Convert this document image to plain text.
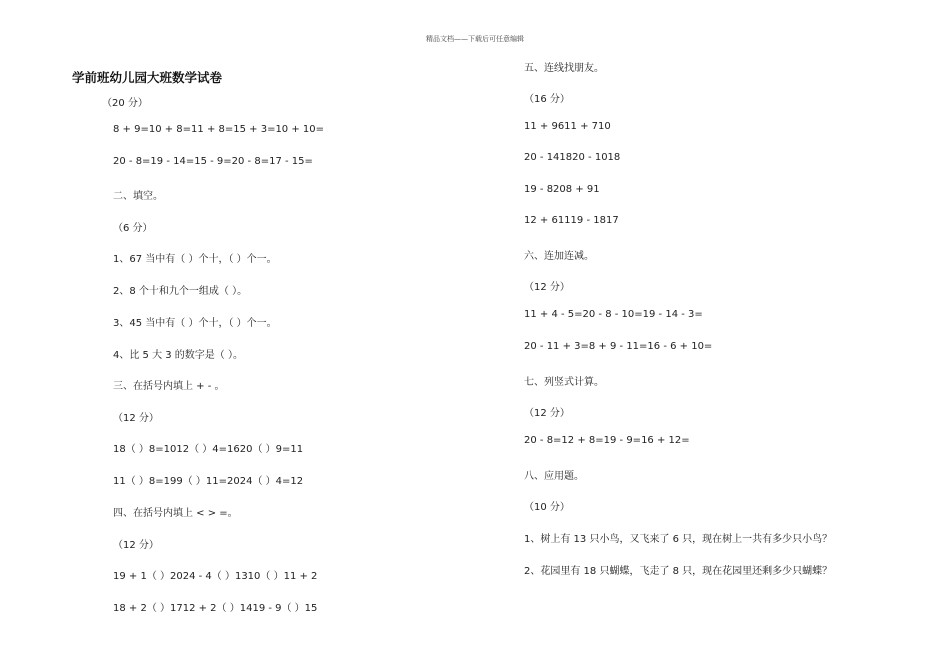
精品文档——下载后可任意编辑
学前班幼儿园大班数学试卷
（20 分）
8 + 9=10 + 8=11 + 8=15 + 3=10 + 10=
20 - 8=19 - 14=15 - 9=20 - 8=17 - 15=
二、填空。
（6 分）
1、67 当中有（ ）个十，（ ）个一。
2、8 个十和九个一组成（ ）。
3、45 当中有（ ）个十，（ ）个一。
4、比 5 大 3 的数字是（ ）。
三、在括号内填上 + - 。
（12 分）
18（ ）8=1012（ ）4=1620（ ）9=11
11（ ）8=199（ ）11=2024（ ）4=12
四、在括号内填上 < > =。
（12 分）
19 + 1（ ）2024 - 4（ ）1310（ ）11 + 2
18 + 2（ ）1712 + 2（ ）1419 - 9（ ）15
五、连线找朋友。
（16 分）
11 + 9611 + 710
20 - 141820 - 1018
19 - 8208 + 91
12 + 61119 - 1817
六、连加连减。
（12 分）
11 + 4 - 5=20 - 8 - 10=19 - 14 - 3=
20 - 11 + 3=8 + 9 - 11=16 - 6 + 10=
七、列竖式计算。
（12 分）
20 - 8=12 + 8=19 - 9=16 + 12=
八、应用题。
（10 分）
1、树上有 13 只小鸟，又飞来了 6 只，现在树上一共有多少只小鸟？
2、花园里有 18 只蝴蝶，飞走了 8 只，现在花园里还剩多少只蝴蝶？
